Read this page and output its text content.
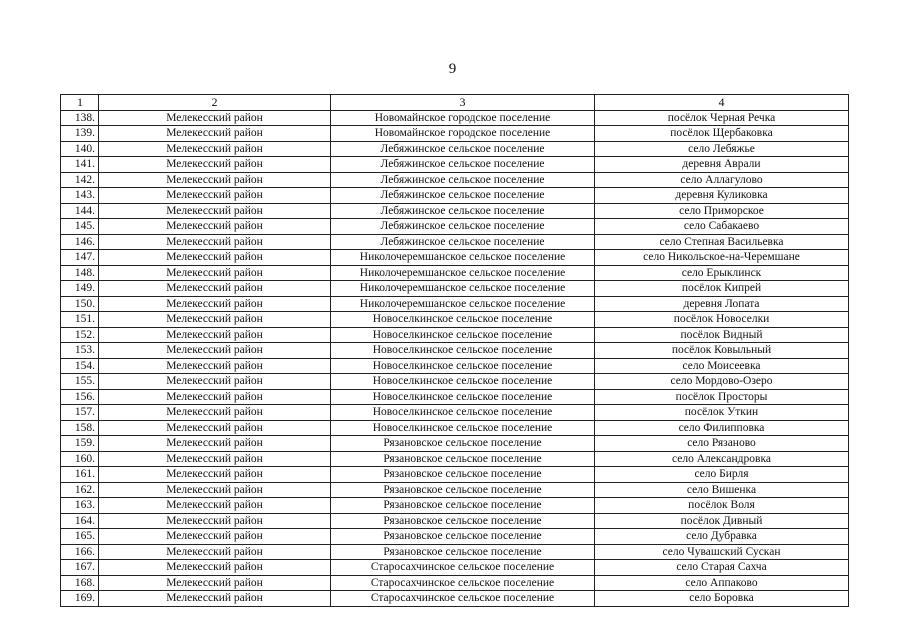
9
1	2	3	4
138.	Мелекесский район	Новомайнское городское поселение	посёлок Черная Речка
139.	Мелекесский район	Новомайнское городское поселение	посёлок Щербаковка
140.	Мелекесский район	Лебяжинское сельское поселение	село Лебяжье
141.	Мелекесский район	Лебяжинское сельское поселение	деревня Аврали
142.	Мелекесский район	Лебяжинское сельское поселение	село Аллагулово
143.	Мелекесский район	Лебяжинское сельское поселение	деревня Куликовка
144.	Мелекесский район	Лебяжинское сельское поселение	село Приморское
145.	Мелекесский район	Лебяжинское сельское поселение	село Сабакаево
146.	Мелекесский район	Лебяжинское сельское поселение	село Степная Васильевка
147.	Мелекесский район	Николочеремшанское сельское поселение	село Никольское-на-Черемшане
148.	Мелекесский район	Николочеремшанское сельское поселение	село Ерыклинск
149.	Мелекесский район	Николочеремшанское сельское поселение	посёлок Кипрей
150.	Мелекесский район	Николочеремшанское сельское поселение	деревня Лопата
151.	Мелекесский район	Новоселкинское сельское поселение	посёлок Новоселки
152.	Мелекесский район	Новоселкинское сельское поселение	посёлок Видный
153.	Мелекесский район	Новоселкинское сельское поселение	посёлок Ковыльный
154.	Мелекесский район	Новоселкинское сельское поселение	село Моисеевка
155.	Мелекесский район	Новоселкинское сельское поселение	село Мордово-Озеро
156.	Мелекесский район	Новоселкинское сельское поселение	посёлок Просторы
157.	Мелекесский район	Новоселкинское сельское поселение	посёлок Уткин
158.	Мелекесский район	Новоселкинское сельское поселение	село Филипповка
159.	Мелекесский район	Рязановское сельское поселение	село Рязаново
160.	Мелекесский район	Рязановское сельское поселение	село Александровка
161.	Мелекесский район	Рязановское сельское поселение	село Бирля
162.	Мелекесский район	Рязановское сельское поселение	село Вишенка
163.	Мелекесский район	Рязановское сельское поселение	посёлок Воля
164.	Мелекесский район	Рязановское сельское поселение	посёлок Дивный
165.	Мелекесский район	Рязановское сельское поселение	село Дубравка
166.	Мелекесский район	Рязановское сельское поселение	село Чувашский Сускан
167.	Мелекесский район	Старосахчинское сельское поселение	село Старая Сахча
168.	Мелекесский район	Старосахчинское сельское поселение	село Аппаково
169.	Мелекесский район	Старосахчинское сельское поселение	село Боровка
